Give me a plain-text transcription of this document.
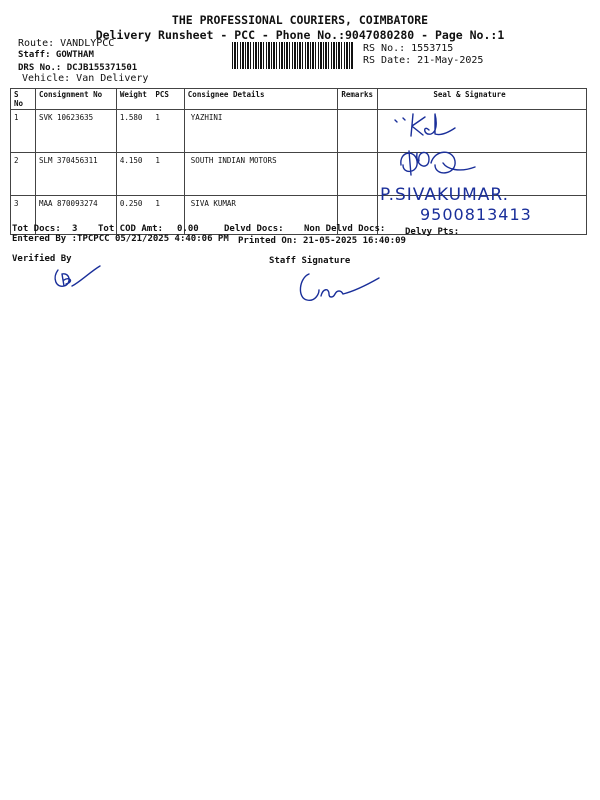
THE PROFESSIONAL COURIERS, COIMBATORE
Delivery Runsheet - PCC - Phone No.:9047080280 - Page No.:1
Route: VANDLYPCC
Staff: GOWTHAM
DRS No.: DCJB155371501
Vehicle: Van Delivery
RS No.: 1553715
RS Date: 21-May-2025
S No	Consignment No	Weight	PCS	Consignee Details	Remarks	Seal & Signature
1	SVK 10623635	1.580	1	YAZHINI		
2	SLM 370456311	4.150	1	SOUTH INDIAN MOTORS		
3	MAA 870093274	0.250	1	SIVA KUMAR			P.SIVAKUMAR.
9500813413
Tot Docs: 3 Tot COD Amt: 0.00	Delvd Docs: Non Delvd Docs: Delvy Pts:
Entered By :TPCPCC 05/21/2025 4:40:06 PM Printed On: 21-05-2025 16:40:09
Verified By	Staff Signature
